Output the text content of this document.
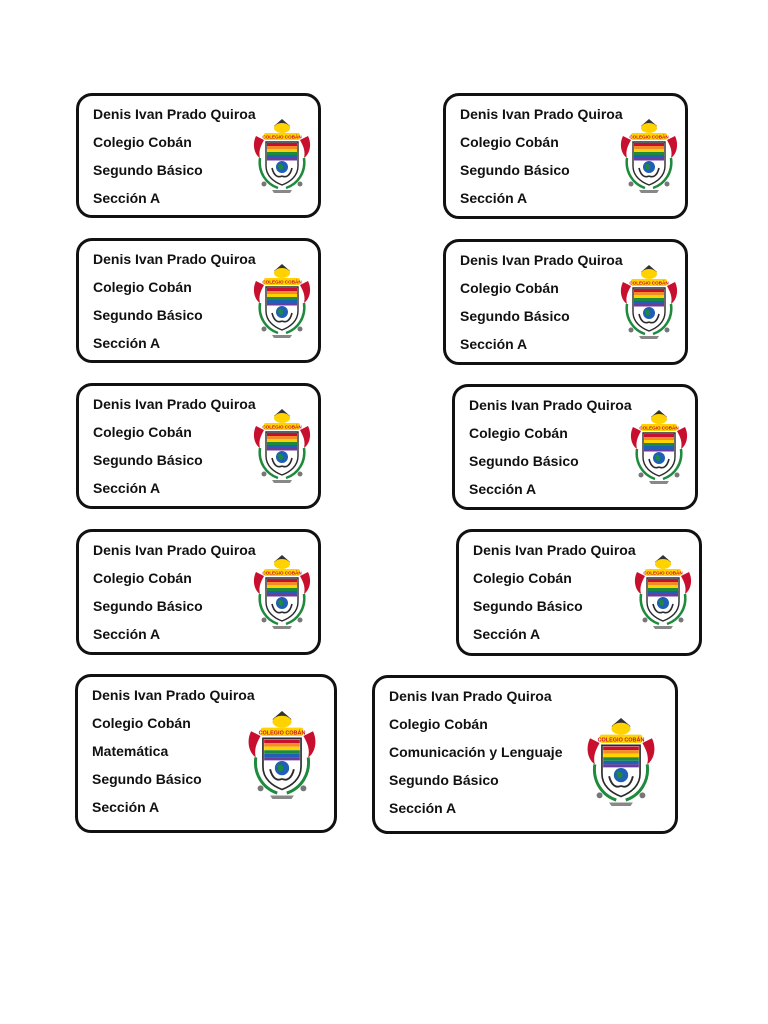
Denis Ivan Prado Quiroa
Colegio Cobán
Segundo Básico
Sección A
COLEGIO COBÁN
Denis Ivan Prado Quiroa
Colegio Cobán
Segundo Básico
Sección A
COLEGIO COBÁN
Denis Ivan Prado Quiroa
Colegio Cobán
Segundo Básico
Sección A
COLEGIO COBÁN
Denis Ivan Prado Quiroa
Colegio Cobán
Segundo Básico
Sección A
COLEGIO COBÁN
Denis Ivan Prado Quiroa
Colegio Cobán
Segundo Básico
Sección A
COLEGIO COBÁN
Denis Ivan Prado Quiroa
Colegio Cobán
Segundo Básico
Sección A
COLEGIO COBÁN
Denis Ivan Prado Quiroa
Colegio Cobán
Segundo Básico
Sección A
COLEGIO COBÁN
Denis Ivan Prado Quiroa
Colegio Cobán
Segundo Básico
Sección A
COLEGIO COBÁN
Denis Ivan Prado Quiroa
Colegio Cobán
Matemática
Segundo Básico
Sección A
COLEGIO COBÁN
Denis Ivan Prado Quiroa
Colegio Cobán
Comunicación y Lenguaje
Segundo Básico
Sección A
COLEGIO COBÁN
